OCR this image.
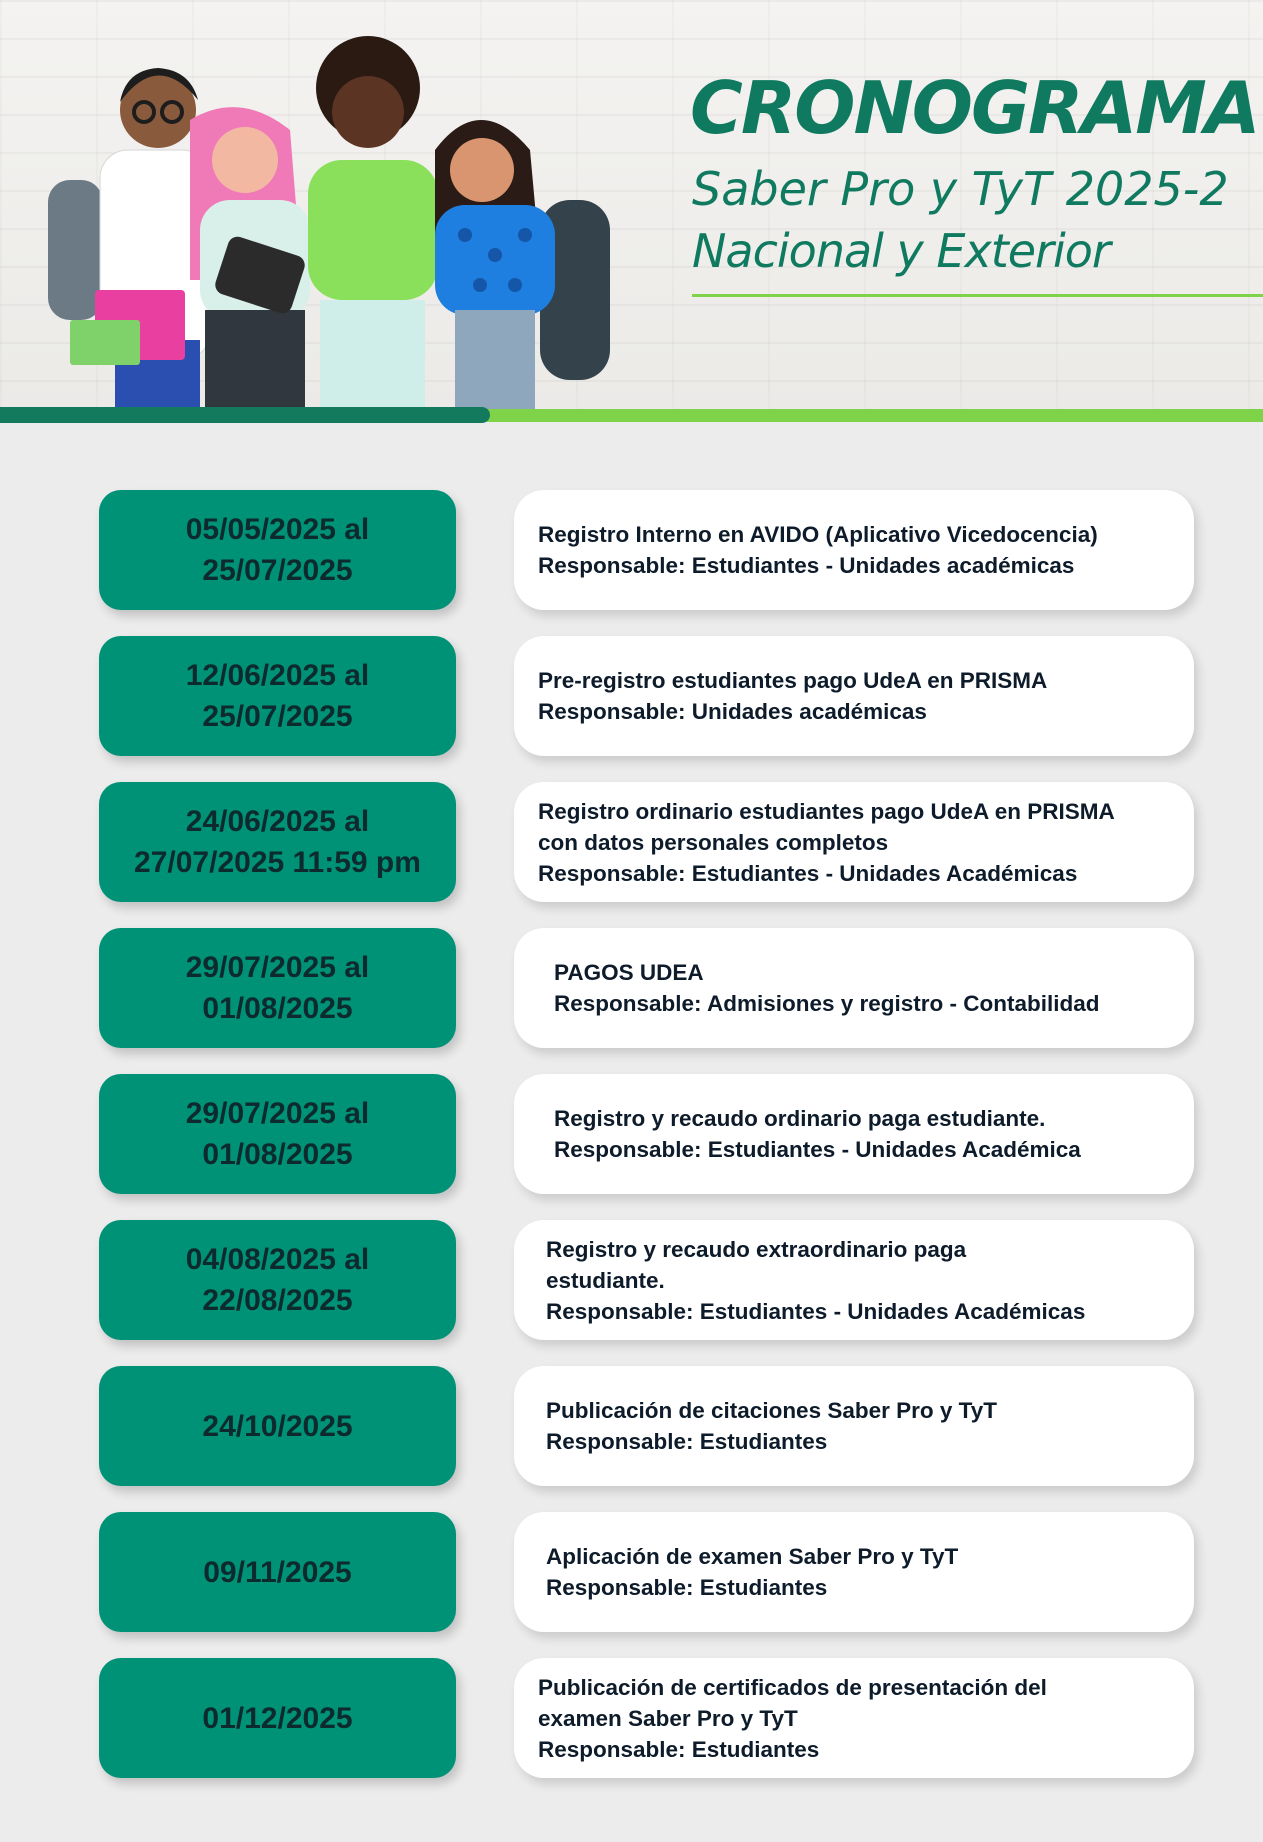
CRONOGRAMA

Saber Pro y TyT 2025-2

Nacional y Exterior

05/05/2025 al
25/07/2025
Registro Interno en AVIDO (Aplicativo Vicedocencia)
Responsable: Estudiantes - Unidades académicas
12/06/2025 al
25/07/2025
Pre-registro estudiantes pago UdeA en PRISMA
Responsable: Unidades académicas
24/06/2025 al
27/07/2025 11:59 pm
Registro ordinario estudiantes pago UdeA en PRISMA
con datos personales completos
Responsable: Estudiantes - Unidades Académicas
29/07/2025 al
01/08/2025
PAGOS UDEA
Responsable: Admisiones y registro - Contabilidad
29/07/2025 al
01/08/2025
Registro y recaudo ordinario paga estudiante.
Responsable: Estudiantes - Unidades Académica
04/08/2025 al
22/08/2025
Registro y recaudo extraordinario paga
estudiante.
Responsable: Estudiantes - Unidades Académicas
24/10/2025	Publicación de citaciones Saber Pro y TyT
Responsable: Estudiantes
09/11/2025	Aplicación de examen Saber Pro y TyT
Responsable: Estudiantes
01/12/2025
Publicación de certificados de presentación del
examen Saber Pro y TyT
Responsable: Estudiantes
